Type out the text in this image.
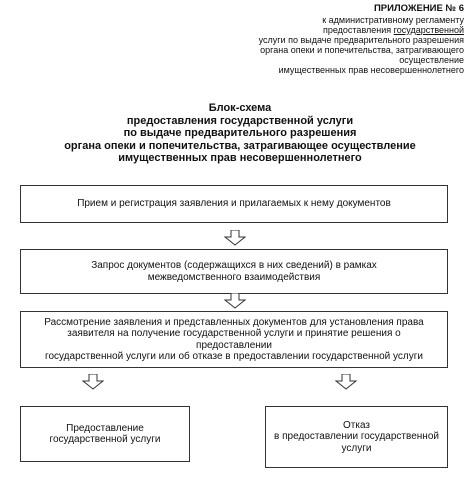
ПРИЛОЖЕНИЕ № 6
к административному регламенту
предоставления государственной
услуги по выдаче предварительного разрешения
органа опеки и попечительства, затрагивающего осуществление
имущественных прав несовершеннолетнего
Блок-схема
предоставления государственной услуги
по выдаче предварительного разрешения
органа опеки и попечительства, затрагивающее осуществление
имущественных прав несовершеннолетнего
Прием и регистрация заявления и прилагаемых к нему документов
Запрос документов (содержащихся в них сведений) в рамках
межведомственного взаимодействия
Рассмотрение заявления и представленных документов для установления права
заявителя на получение государственной услуги и принятие решения о предоставлении
государственной услуги или об отказе в предоставлении государственной услуги
Предоставление
государственной услуги
Отказ
в предоставлении государственной
услуги
